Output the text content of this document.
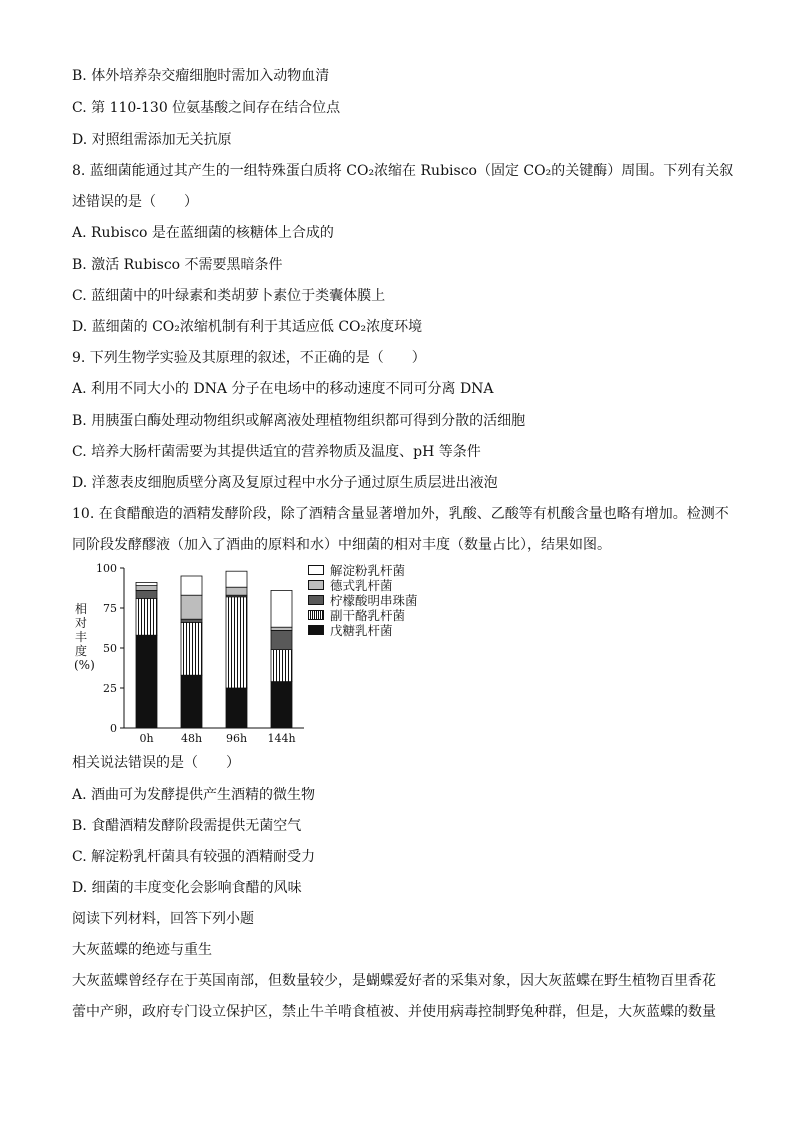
B. 体外培养杂交瘤细胞时需加入动物血清
C. 第 110-130 位氨基酸之间存在结合位点
D. 对照组需添加无关抗原
8. 蓝细菌能通过其产生的一组特殊蛋白质将 CO₂浓缩在 Rubisco（固定 CO₂的关键酶）周围。下列有关叙
述错误的是（　　）
A. Rubisco 是在蓝细菌的核糖体上合成的
B. 激活 Rubisco 不需要黑暗条件
C. 蓝细菌中的叶绿素和类胡萝卜素位于类囊体膜上
D. 蓝细菌的 CO₂浓缩机制有利于其适应低 CO₂浓度环境
9. 下列生物学实验及其原理的叙述，不正确的是（　　）
A. 利用不同大小的 DNA 分子在电场中的移动速度不同可分离 DNA
B. 用胰蛋白酶处理动物组织或解离液处理植物组织都可得到分散的活细胞
C. 培养大肠杆菌需要为其提供适宜的营养物质及温度、pH 等条件
D. 洋葱表皮细胞质壁分离及复原过程中水分子通过原生质层进出液泡
10. 在食醋酿造的酒精发酵阶段，除了酒精含量显著增加外，乳酸、乙酸等有机酸含量也略有增加。检测不
同阶段发酵醪液（加入了酒曲的原料和水）中细菌的相对丰度（数量占比），结果如图。
相关说法错误的是（　　）
A. 酒曲可为发酵提供产生酒精的微生物
B. 食醋酒精发酵阶段需提供无菌空气
C. 解淀粉乳杆菌具有较强的酒精耐受力
D. 细菌的丰度变化会影响食醋的风味
阅读下列材料，回答下列小题
大灰蓝蝶的绝迹与重生
大灰蓝蝶曾经存在于英国南部，但数量较少，是蝴蝶爱好者的采集对象，因大灰蓝蝶在野生植物百里香花
蕾中产卵，政府专门设立保护区，禁止牛羊啃食植被、并使用病毒控制野兔种群，但是，大灰蓝蝶的数量
相对丰度(%)
0
25
50
75
100
0h 48h 96h 144h
解淀粉乳杆菌
德式乳杆菌
柠檬酸明串珠菌
副干酪乳杆菌
戊糖乳杆菌
